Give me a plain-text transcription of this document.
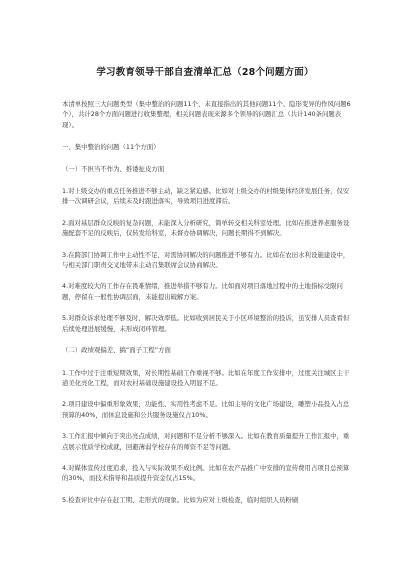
学习教育领导干部自查清单汇总（28个问题方面）

本清单按照三大问题类型（集中整治的问题11个、未直接指出的其他问题11个、隐形变异的作风问题6个），共计28个方面问题进行收集整理，相关问题表现来源多个领导的问题汇总（共计140条问题表现）。

一、集中整治的问题（11个方面）

（一）不担当不作为、推诿扯皮方面

1.对上级交办的重点任务推进不够主动，缺乏紧迫感。比如对上级交办的村级集体经济发展任务，仅安排一次调研会议，后续未及时跟进落实，导致项目进度滞后。

2.面对基层群众反映的复杂问题，未能深入分析研究，简单转交相关科室处理。比如在推进养老服务设施配套不足的反映后，仅转发给科室，未督办协调解决，问题长期得不到解决。

3.在跨部门协调工作中主动性不足，对需协同解决的问题推进不够有力。比如在农田水利设施建设中，与相关部门职责交叉地带未主动召集联席会议协商解决。

4.对难度较大的工作存在畏难情绪，推进举措不够有力。比如面对项目落地过程中的土地指标受限问题，停留在一般性协调层面，未能提出破解方案。

5.对群众诉求处理不够及时，解决效率低。比如收到居民关于小区环境整治的投诉，虽安排人员查看但后续处理进展缓慢，未形成闭环管理。

（二）政绩观偏差、搞“面子工程”方面

1.工作中过于注重短期效果，对长期性基础工作重视不够。比如在年度工作安排中，过度关注城区主干道美化亮化工程，而对农村基础设施建设投入明显不足。

2.项目建设中偏重形象效果，功能性、实用性考虑不足。比如主导的文化广场建设，雕塑小品投入占总预算的40%，而休息设施和公共服务设施仅占10%。

3.工作汇报中倾向于突出亮点成绩，对问题和不足分析不够深入。比如在教育质量提升工作汇报中，重点展示优质学校成就，回避薄弱学校存在的师资不足等问题。

4.对媒体宣传过度追求，投入与实际效果不成比例。比如在农产品推广中安排的宣传费用占项目总预算的30%，而技术指导和品质提升资金仅占15%。

5.检查评比中存在赶工期、走形式的现象。比如为应对上级检查，临时组织人员粉刷
